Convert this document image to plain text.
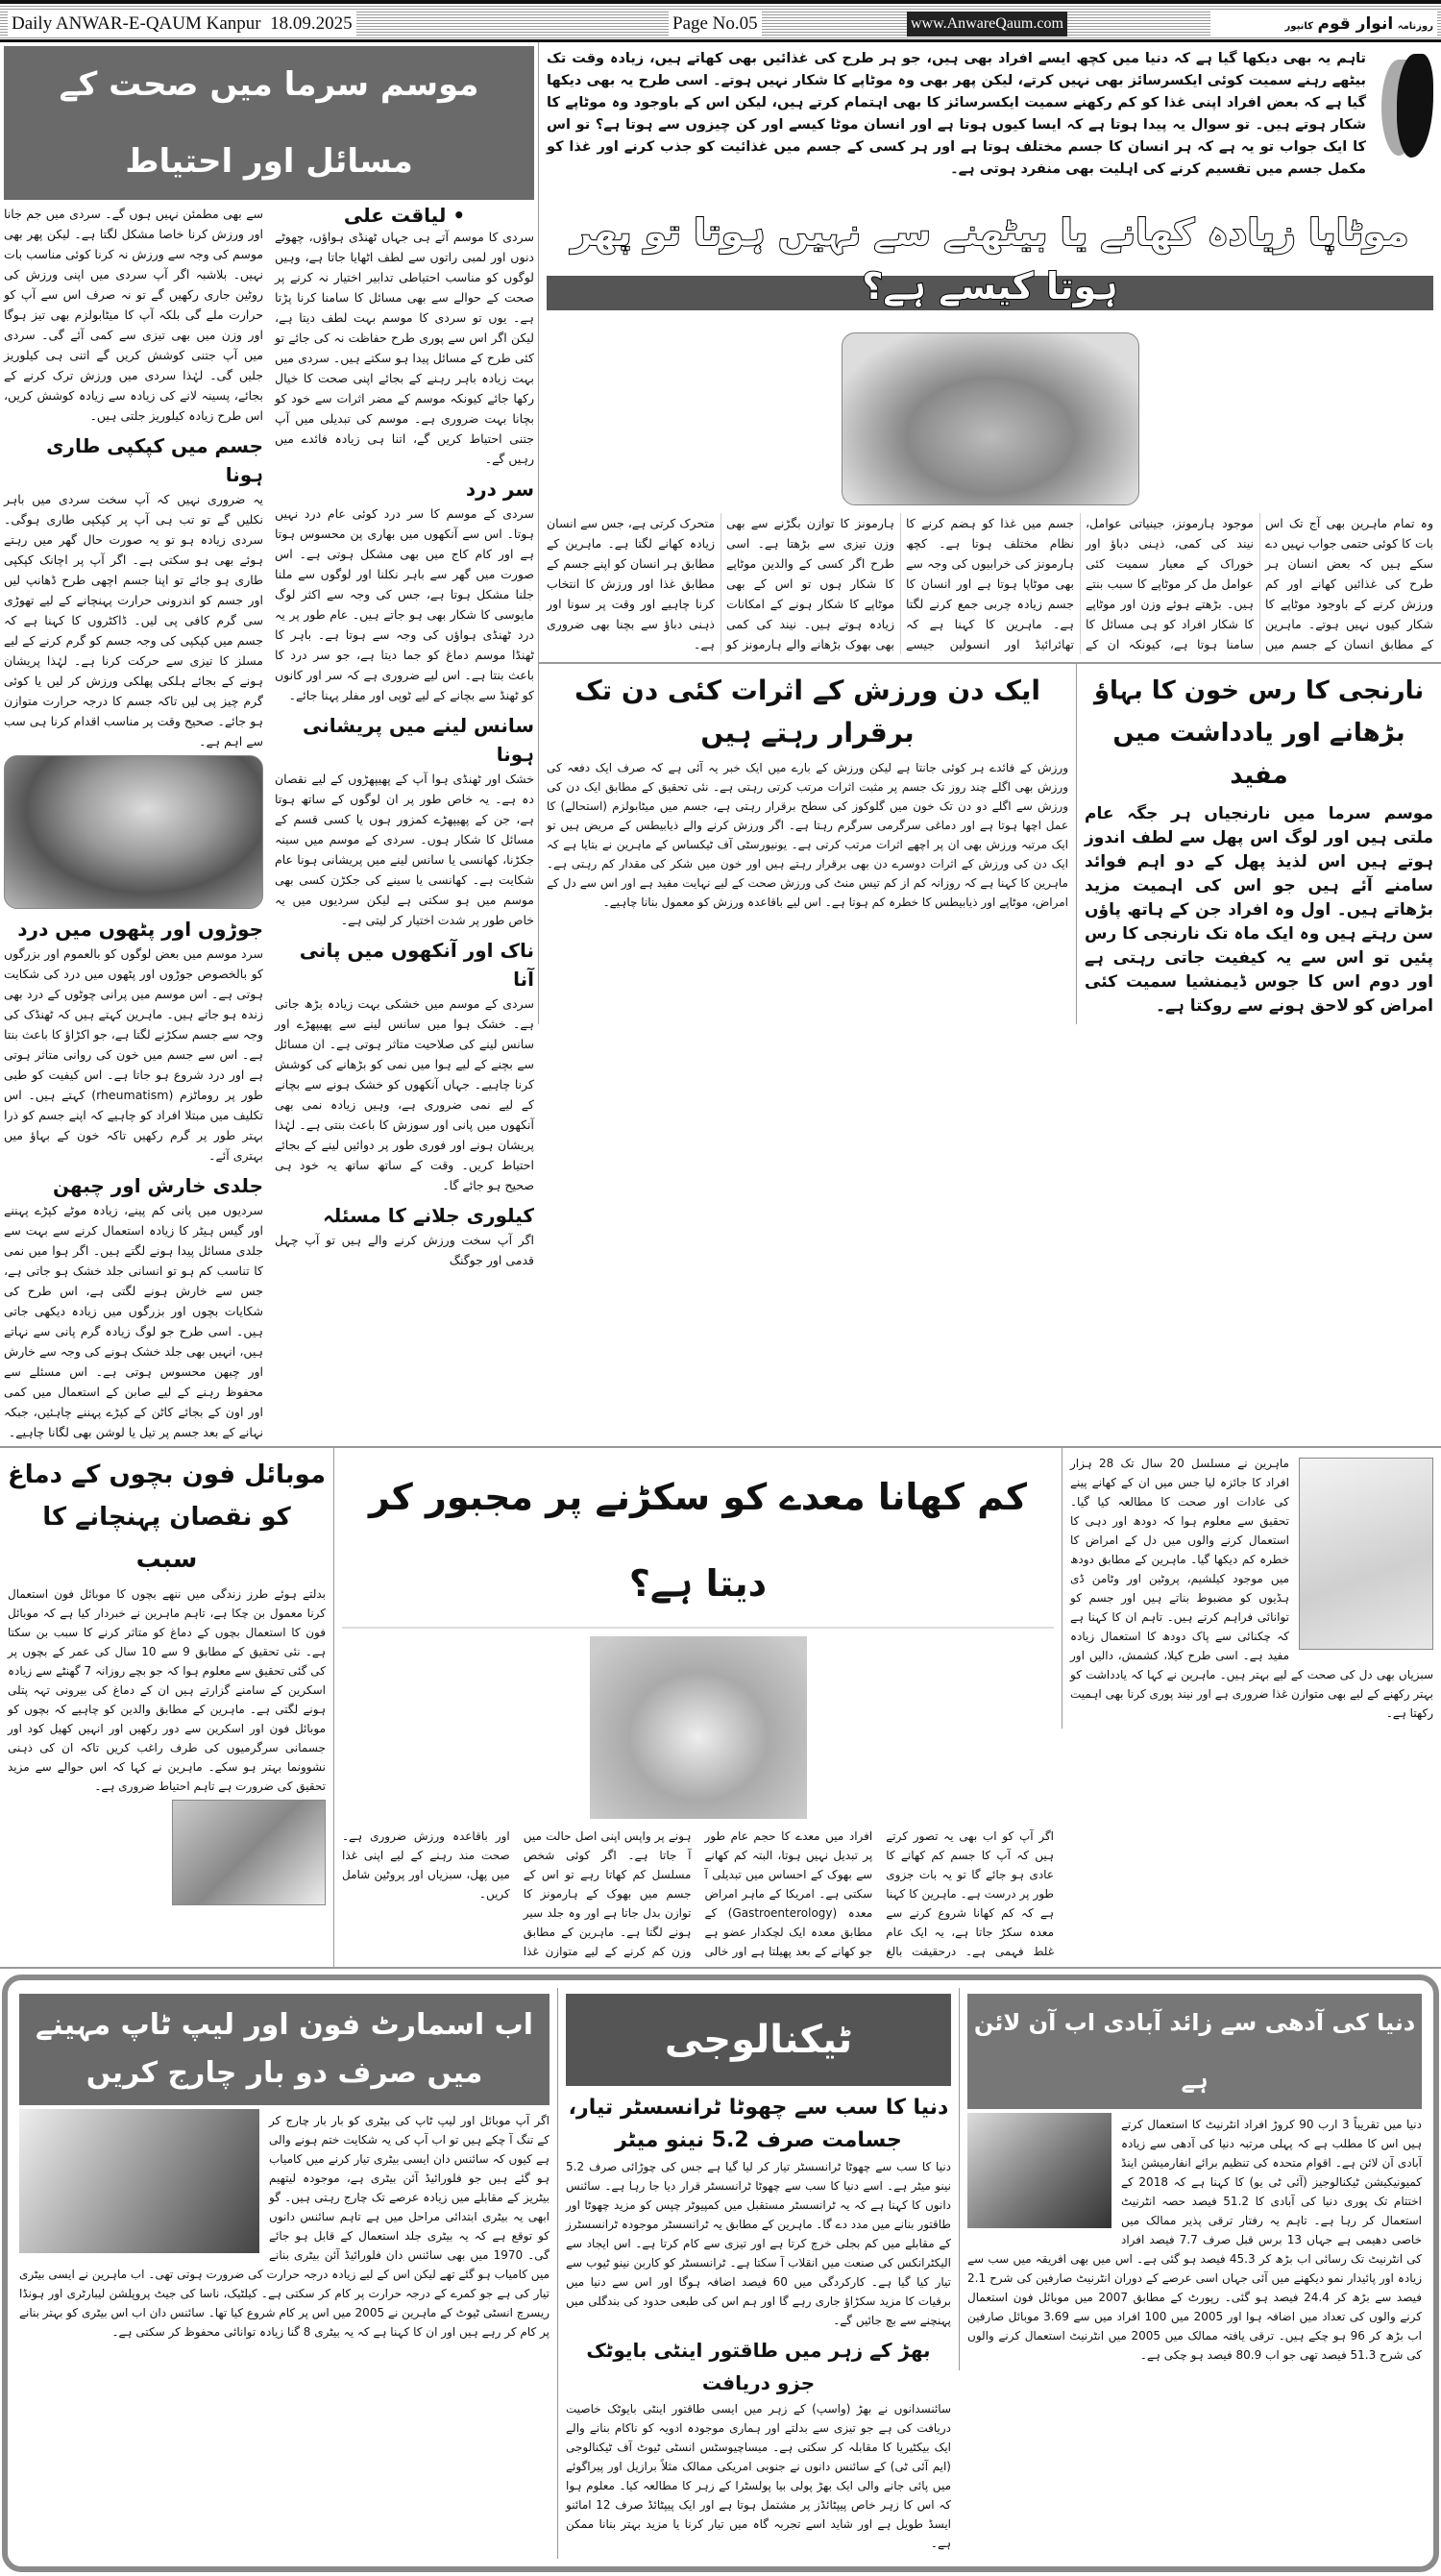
Daily ANWAR-E-QAUM Kanpur 18.09.2025	Page No.05	www.AnwareQaum.com	روزنامہ انوار قوم کانپور
تاہم یہ بھی دیکھا گیا ہے کہ دنیا میں کچھ ایسے افراد بھی ہیں، جو ہر طرح کی غذائیں بھی کھاتے ہیں، زیادہ وقت تک بیٹھے رہنے سمیت کوئی ایکسرسائز بھی نہیں کرتے، لیکن پھر بھی وہ موٹاپے کا شکار نہیں ہوتے۔ اسی طرح یہ بھی دیکھا گیا ہے کہ بعض افراد اپنی غذا کو کم رکھنے سمیت ایکسرسائز کا بھی اہتمام کرتے ہیں، لیکن اس کے باوجود وہ موٹاپے کا شکار ہوتے ہیں۔ تو سوال یہ پیدا ہوتا ہے کہ ایسا کیوں ہوتا ہے اور انسان موٹا کیسے اور کن چیزوں سے ہوتا ہے؟ تو اس کا ایک جواب تو یہ ہے کہ ہر انسان کا جسم مختلف ہوتا ہے اور ہر کسی کے جسم میں غذائیت کو جذب کرنے اور غذا کو مکمل جسم میں تقسیم کرنے کی اہلیت بھی منفرد ہوتی ہے۔
موٹاپا زیادہ کھانے یا بیٹھنے سے نہیں ہوتا تو پھر ہوتا کیسے ہے؟
وہ تمام ماہرین بھی آج تک اس بات کا کوئی حتمی جواب نہیں دے سکے ہیں کہ بعض انسان ہر طرح کی غذائیں کھانے اور کم ورزش کرنے کے باوجود موٹاپے کا شکار کیوں نہیں ہوتے۔ ماہرین کے مطابق انسان کے جسم میں موجود ہارمونز، جینیاتی عوامل، نیند کی کمی، ذہنی دباؤ اور خوراک کے معیار سمیت کئی عوامل مل کر موٹاپے کا سبب بنتے ہیں۔ بڑھتے ہوئے وزن اور موٹاپے کا شکار افراد کو ہی مسائل کا سامنا ہوتا ہے، کیونکہ ان کے جسم میں غذا کو ہضم کرنے کا نظام مختلف ہوتا ہے۔ کچھ ہارمونز کی خرابیوں کی وجہ سے بھی موٹاپا ہوتا ہے اور انسان کا جسم زیادہ چربی جمع کرنے لگتا ہے۔ ماہرین کا کہنا ہے کہ تھائرائیڈ اور انسولین جیسے ہارمونز کا توازن بگڑنے سے بھی وزن تیزی سے بڑھتا ہے۔ اسی طرح اگر کسی کے والدین موٹاپے کا شکار ہوں تو اس کے بھی موٹاپے کا شکار ہونے کے امکانات زیادہ ہوتے ہیں۔ نیند کی کمی بھی بھوک بڑھانے والے ہارمونز کو متحرک کرتی ہے، جس سے انسان زیادہ کھانے لگتا ہے۔ ماہرین کے مطابق ہر انسان کو اپنے جسم کے مطابق غذا اور ورزش کا انتخاب کرنا چاہیے اور وقت پر سونا اور ذہنی دباؤ سے بچنا بھی ضروری ہے۔
نارنجی کا رس خون کا بہاؤ بڑھانے اور یادداشت میں مفید
موسم سرما میں نارنجیاں ہر جگہ عام ملتی ہیں اور لوگ اس پھل سے لطف اندوز ہوتے ہیں اس لذیذ پھل کے دو اہم فوائد سامنے آئے ہیں جو اس کی اہمیت مزید بڑھاتے ہیں۔ اول وہ افراد جن کے ہاتھ پاؤں سن رہتے ہیں وہ ایک ماہ تک نارنجی کا رس پئیں تو اس سے یہ کیفیت جاتی رہتی ہے اور دوم اس کا جوس ڈیمنشیا سمیت کئی امراض کو لاحق ہونے سے روکتا ہے۔
ایک دن ورزش کے اثرات کئی دن تک برقرار رہتے ہیں
ورزش کے فائدے ہر کوئی جانتا ہے لیکن ورزش کے بارے میں ایک خبر یہ آئی ہے کہ صرف ایک دفعہ کی ورزش بھی اگلے چند روز تک جسم پر مثبت اثرات مرتب کرتی رہتی ہے۔ نئی تحقیق کے مطابق ایک دن کی ورزش سے اگلے دو دن تک خون میں گلوکوز کی سطح برقرار رہتی ہے، جسم میں میٹابولزم (استحالے) کا عمل اچھا ہوتا ہے اور دماغی سرگرمی سرگرم رہتا ہے۔ اگر ورزش کرنے والے ذیابیطس کے مریض ہیں تو ایک مرتبہ ورزش بھی ان پر اچھے اثرات مرتب کرتی ہے۔ یونیورسٹی آف ٹیکساس کے ماہرین نے بتایا ہے کہ ایک دن کی ورزش کے اثرات دوسرے دن بھی برقرار رہتے ہیں اور خون میں شکر کی مقدار کم رہتی ہے۔ ماہرین کا کہنا ہے کہ روزانہ کم از کم تیس منٹ کی ورزش صحت کے لیے نہایت مفید ہے اور اس سے دل کے امراض، موٹاپے اور ذیابیطس کا خطرہ کم ہوتا ہے۔ اس لیے باقاعدہ ورزش کو معمول بنانا چاہیے۔
موسم سرما میں صحت کے مسائل اور احتیاط
• لیاقت علی
سردی کا موسم آتے ہی جہاں ٹھنڈی ہواؤں، چھوٹے دنوں اور لمبی راتوں سے لطف اٹھایا جاتا ہے، وہیں لوگوں کو مناسب احتیاطی تدابیر اختیار نہ کرنے پر صحت کے حوالے سے بھی مسائل کا سامنا کرنا پڑتا ہے۔ یوں تو سردی کا موسم بہت لطف دیتا ہے، لیکن اگر اس سے پوری طرح حفاظت نہ کی جائے تو کئی طرح کے مسائل پیدا ہو سکتے ہیں۔ سردی میں بہت زیادہ باہر رہنے کے بجائے اپنی صحت کا خیال رکھا جائے کیونکہ موسم کے مضر اثرات سے خود کو بچانا بہت ضروری ہے۔ موسم کی تبدیلی میں آپ جتنی احتیاط کریں گے، اتنا ہی زیادہ فائدے میں رہیں گے۔
سر درد
سردی کے موسم کا سر درد کوئی عام درد نہیں ہوتا۔ اس سے آنکھوں میں بھاری پن محسوس ہوتا ہے اور کام کاج میں بھی مشکل ہوتی ہے۔ اس صورت میں گھر سے باہر نکلنا اور لوگوں سے ملنا جلنا مشکل ہوتا ہے، جس کی وجہ سے اکثر لوگ مایوسی کا شکار بھی ہو جاتے ہیں۔ عام طور پر یہ درد ٹھنڈی ہواؤں کی وجہ سے ہوتا ہے۔ باہر کا ٹھنڈا موسم دماغ کو جما دیتا ہے، جو سر درد کا باعث بنتا ہے۔ اس لیے ضروری ہے کہ سر اور کانوں کو ٹھنڈ سے بچانے کے لیے ٹوپی اور مفلر پہنا جائے۔
سانس لینے میں پریشانی ہونا
خشک اور ٹھنڈی ہوا آپ کے پھیپھڑوں کے لیے نقصان دہ ہے۔ یہ خاص طور پر ان لوگوں کے ساتھ ہوتا ہے، جن کے پھیپھڑے کمزور ہوں یا کسی قسم کے مسائل کا شکار ہوں۔ سردی کے موسم میں سینہ جکڑنا، کھانسی یا سانس لینے میں پریشانی ہونا عام شکایت ہے۔ کھانسی یا سینے کی جکڑن کسی بھی موسم میں ہو سکتی ہے لیکن سردیوں میں یہ خاص طور پر شدت اختیار کر لیتی ہے۔
ناک اور آنکھوں میں پانی آنا
سردی کے موسم میں خشکی بہت زیادہ بڑھ جاتی ہے۔ خشک ہوا میں سانس لینے سے پھیپھڑے اور سانس لینے کی صلاحیت متاثر ہوتی ہے۔ ان مسائل سے بچنے کے لیے ہوا میں نمی کو بڑھانے کی کوشش کرنا چاہیے۔ جہاں آنکھوں کو خشک ہونے سے بچانے کے لیے نمی ضروری ہے، وہیں زیادہ نمی بھی آنکھوں میں پانی اور سوزش کا باعث بنتی ہے۔ لہٰذا پریشان ہونے اور فوری طور پر دوائیں لینے کے بجائے احتیاط کریں۔ وقت کے ساتھ ساتھ یہ خود ہی صحیح ہو جائے گا۔
کیلوری جلانے کا مسئلہ
اگر آپ سخت ورزش کرنے والے ہیں تو آپ چہل قدمی اور جوگنگ
سے بھی مطمئن نہیں ہوں گے۔ سردی میں جم جانا اور ورزش کرنا خاصا مشکل لگتا ہے۔ لیکن پھر بھی موسم کی وجہ سے ورزش نہ کرنا کوئی مناسب بات نہیں۔ بلاشبہ اگر آپ سردی میں اپنی ورزش کی روٹین جاری رکھیں گے تو نہ صرف اس سے آپ کو حرارت ملے گی بلکہ آپ کا میٹابولزم بھی تیز ہوگا اور وزن میں بھی تیزی سے کمی آئے گی۔ سردی میں آپ جتنی کوشش کریں گے اتنی ہی کیلوریز جلیں گی۔ لہٰذا سردی میں ورزش ترک کرنے کے بجائے، پسینہ لانے کی زیادہ سے زیادہ کوشش کریں، اس طرح زیادہ کیلوریز جلتی ہیں۔
جسم میں کپکپی طاری ہونا
یہ ضروری نہیں کہ آپ سخت سردی میں باہر نکلیں گے تو تب ہی آپ پر کپکپی طاری ہوگی۔ سردی زیادہ ہو تو یہ صورت حال گھر میں رہتے ہوئے بھی ہو سکتی ہے۔ اگر آپ پر اچانک کپکپی طاری ہو جائے تو اپنا جسم اچھی طرح ڈھانپ لیں اور جسم کو اندرونی حرارت پہنچانے کے لیے تھوڑی سی گرم کافی پی لیں۔ ڈاکٹروں کا کہنا ہے کہ جسم میں کپکپی کی وجہ جسم کو گرم کرنے کے لیے مسلز کا تیزی سے حرکت کرنا ہے۔ لہٰذا پریشان ہونے کے بجائے ہلکی پھلکی ورزش کر لیں یا کوئی گرم چیز پی لیں تاکہ جسم کا درجہ حرارت متوازن ہو جائے۔ صحیح وقت پر مناسب اقدام کرنا ہی سب سے اہم ہے۔
جوڑوں اور پٹھوں میں درد
سرد موسم میں بعض لوگوں کو بالعموم اور بزرگوں کو بالخصوص جوڑوں اور پٹھوں میں درد کی شکایت ہوتی ہے۔ اس موسم میں پرانی چوٹوں کے درد بھی زندہ ہو جاتے ہیں۔ ماہرین کہتے ہیں کہ ٹھنڈک کی وجہ سے جسم سکڑنے لگتا ہے، جو اکڑاؤ کا باعث بنتا ہے۔ اس سے جسم میں خون کی روانی متاثر ہوتی ہے اور درد شروع ہو جاتا ہے۔ اس کیفیت کو طبی طور پر روماٹزم (rheumatism) کہتے ہیں۔ اس تکلیف میں مبتلا افراد کو چاہیے کہ اپنے جسم کو ذرا بہتر طور پر گرم رکھیں تاکہ خون کے بہاؤ میں بہتری آئے۔
جلدی خارش اور چبھن
سردیوں میں پانی کم پینے، زیادہ موٹے کپڑے پہننے اور گیس ہیٹر کا زیادہ استعمال کرنے سے بہت سے جلدی مسائل پیدا ہونے لگتے ہیں۔ اگر ہوا میں نمی کا تناسب کم ہو تو انسانی جلد خشک ہو جاتی ہے، جس سے خارش ہونے لگتی ہے، اس طرح کی شکایات بچوں اور بزرگوں میں زیادہ دیکھی جاتی ہیں۔ اسی طرح جو لوگ زیادہ گرم پانی سے نہاتے ہیں، انہیں بھی جلد خشک ہونے کی وجہ سے خارش اور چبھن محسوس ہوتی ہے۔ اس مسئلے سے محفوظ رہنے کے لیے صابن کے استعمال میں کمی اور اون کے بجائے کاٹن کے کپڑے پہننے چاہئیں، جبکہ نہانے کے بعد جسم پر تیل یا لوشن بھی لگانا چاہیے۔
ماہرین نے مسلسل 20 سال تک 28 ہزار افراد کا جائزہ لیا جس میں ان کے کھانے پینے کی عادات اور صحت کا مطالعہ کیا گیا۔ تحقیق سے معلوم ہوا کہ دودھ اور دہی کا استعمال کرنے والوں میں دل کے امراض کا خطرہ کم دیکھا گیا۔ ماہرین کے مطابق دودھ میں موجود کیلشیم، پروٹین اور وٹامن ڈی ہڈیوں کو مضبوط بناتے ہیں اور جسم کو توانائی فراہم کرتے ہیں۔ تاہم ان کا کہنا ہے کہ چکنائی سے پاک دودھ کا استعمال زیادہ مفید ہے۔ اسی طرح کیلا، کشمش، دالیں اور سبزیاں بھی دل کی صحت کے لیے بہتر ہیں۔ ماہرین نے کہا کہ یادداشت کو بہتر رکھنے کے لیے بھی متوازن غذا ضروری ہے اور نیند پوری کرنا بھی اہمیت رکھتا ہے۔
کم کھانا معدے کو سکڑنے پر مجبور کر دیتا ہے؟
اگر آپ کو اب بھی یہ تصور کرتے ہیں کہ آپ کا جسم کم کھانے کا عادی ہو جائے گا تو یہ بات جزوی طور پر درست ہے۔ ماہرین کا کہنا ہے کہ کم کھانا شروع کرنے سے معدہ سکڑ جاتا ہے، یہ ایک عام غلط فہمی ہے۔ درحقیقت بالغ افراد میں معدے کا حجم عام طور پر تبدیل نہیں ہوتا، البتہ کم کھانے سے بھوک کے احساس میں تبدیلی آ سکتی ہے۔ امریکا کے ماہر امراض معدہ (Gastroenterology) کے مطابق معدہ ایک لچکدار عضو ہے جو کھانے کے بعد پھیلتا ہے اور خالی ہونے پر واپس اپنی اصل حالت میں آ جاتا ہے۔ اگر کوئی شخص مسلسل کم کھاتا رہے تو اس کے جسم میں بھوک کے ہارمونز کا توازن بدل جاتا ہے اور وہ جلد سیر ہونے لگتا ہے۔ ماہرین کے مطابق وزن کم کرنے کے لیے متوازن غذا اور باقاعدہ ورزش ضروری ہے۔ صحت مند رہنے کے لیے اپنی غذا میں پھل، سبزیاں اور پروٹین شامل کریں۔
موبائل فون بچوں کے دماغ کو نقصان پہنچانے کا سبب
بدلتے ہوئے طرز زندگی میں ننھے بچوں کا موبائل فون استعمال کرنا معمول بن چکا ہے، تاہم ماہرین نے خبردار کیا ہے کہ موبائل فون کا استعمال بچوں کے دماغ کو متاثر کرنے کا سبب بن سکتا ہے۔ نئی تحقیق کے مطابق 9 سے 10 سال کی عمر کے بچوں پر کی گئی تحقیق سے معلوم ہوا کہ جو بچے روزانہ 7 گھنٹے سے زیادہ اسکرین کے سامنے گزارتے ہیں ان کے دماغ کی بیرونی تہہ پتلی ہونے لگتی ہے۔ ماہرین کے مطابق والدین کو چاہیے کہ بچوں کو موبائل فون اور اسکرین سے دور رکھیں اور انہیں کھیل کود اور جسمانی سرگرمیوں کی طرف راغب کریں تاکہ ان کی ذہنی نشوونما بہتر ہو سکے۔ ماہرین نے کہا کہ اس حوالے سے مزید تحقیق کی ضرورت ہے تاہم احتیاط ضروری ہے۔
دنیا کی آدھی سے زائد آبادی اب آن لائن ہے
دنیا میں تقریباً 3 ارب 90 کروڑ افراد انٹرنیٹ کا استعمال کرتے ہیں اس کا مطلب ہے کہ پہلی مرتبہ دنیا کی آدھی سے زیادہ آبادی آن لائن ہے۔ اقوام متحدہ کی تنظیم برائے انفارمیشن اینڈ کمیونیکیشن ٹیکنالوجیز (آئی ٹی یو) کا کہنا ہے کہ 2018 کے اختتام تک پوری دنیا کی آبادی کا 51.2 فیصد حصہ انٹرنیٹ استعمال کر رہا ہے۔ تاہم یہ رفتار ترقی پذیر ممالک میں خاصی دھیمی ہے جہاں 13 برس قبل صرف 7.7 فیصد افراد کی انٹرنیٹ تک رسائی اب بڑھ کر 45.3 فیصد ہو گئی ہے۔ اس میں بھی افریقہ میں سب سے زیادہ اور پائیدار نمو دیکھنے میں آئی جہاں اسی عرصے کے دوران انٹرنیٹ صارفین کی شرح 2.1 فیصد سے بڑھ کر 24.4 فیصد ہو گئی۔ رپورٹ کے مطابق 2007 میں موبائل فون استعمال کرنے والوں کی تعداد میں اضافہ ہوا اور 2005 میں 100 افراد میں سے 3.69 موبائل صارفین اب بڑھ کر 96 ہو چکے ہیں۔ ترقی یافتہ ممالک میں 2005 میں انٹرنیٹ استعمال کرنے والوں کی شرح 51.3 فیصد تھی جو اب 80.9 فیصد ہو چکی ہے۔
ٹیکنالوجی
دنیا کا سب سے چھوٹا ٹرانسسٹر تیار، جسامت صرف 5.2 نینو میٹر
دنیا کا سب سے چھوٹا ٹرانسسٹر تیار کر لیا گیا ہے جس کی چوڑائی صرف 5.2 نینو میٹر ہے۔ اسے دنیا کا سب سے چھوٹا ٹرانسسٹر قرار دیا جا رہا ہے۔ سائنس دانوں کا کہنا ہے کہ یہ ٹرانسسٹر مستقبل میں کمپیوٹر چپس کو مزید چھوٹا اور طاقتور بنانے میں مدد دے گا۔ ماہرین کے مطابق یہ ٹرانسسٹر موجودہ ٹرانسسٹرز کے مقابلے میں کم بجلی خرچ کرتا ہے اور تیزی سے کام کرتا ہے۔ اس ایجاد سے الیکٹرانکس کی صنعت میں انقلاب آ سکتا ہے۔ ٹرانسسٹر کو کاربن نینو ٹیوب سے تیار کیا گیا ہے۔ کارکردگی میں 60 فیصد اضافہ ہوگا اور اس سے دنیا میں برقیات کا مزید سکڑاؤ جاری رہے گا اور ہم اس کی طبعی حدود کی بندگلی میں پہنچنے سے بچ جائیں گے۔
بھڑ کے زہر میں طاقتور اینٹی بایوٹک جزو دریافت
سائنسدانوں نے بھڑ (واسپ) کے زہر میں ایسی طاقتور اینٹی بایوٹک خاصیت دریافت کی ہے جو تیزی سے بدلتے اور ہماری موجودہ ادویہ کو ناکام بنانے والے ایک بیکٹیریا کا مقابلہ کر سکتی ہے۔ میساچیوسٹس انسٹی ٹیوٹ آف ٹیکنالوجی (ایم آئی ٹی) کے سائنس دانوں نے جنوبی امریکی ممالک مثلاً برازیل اور پیراگوئے میں پائی جانے والی ایک بھڑ پولی بیا پولسٹرا کے زہر کا مطالعہ کیا۔ معلوم ہوا کہ اس کا زہر خاص پیپٹائڈز پر مشتمل ہوتا ہے اور ایک پیپٹائڈ صرف 12 امائنو ایسڈ طویل ہے اور شاید اسے تجربہ گاہ میں تیار کرنا یا مزید بہتر بنانا ممکن ہے۔
اب اسمارٹ فون اور لیپ ٹاپ مہینے میں صرف دو بار چارج کریں
اگر آپ موبائل اور لیپ ٹاپ کی بیٹری کو بار بار چارج کر کے تنگ آ چکے ہیں تو اب آپ کی یہ شکایت ختم ہونے والی ہے کیوں کہ سائنس دان ایسی بیٹری تیار کرنے میں کامیاب ہو گئے ہیں جو فلورائیڈ آئن بیٹری ہے، موجودہ لیتھیم بیٹریز کے مقابلے میں زیادہ عرصے تک چارج رہتی ہیں۔ گو ابھی یہ بیٹری ابتدائی مراحل میں ہے تاہم سائنس دانوں کو توقع ہے کہ یہ بیٹری جلد استعمال کے قابل ہو جائے گی۔ 1970 میں بھی سائنس دان فلورائیڈ آئن بیٹری بنانے میں کامیاب ہو گئے تھے لیکن اس کے لیے زیادہ درجہ حرارت کی ضرورت ہوتی تھی۔ اب ماہرین نے ایسی بیٹری تیار کی ہے جو کمرے کے درجہ حرارت پر کام کر سکتی ہے۔ کیلٹیک، ناسا کی جیٹ پروپلشن لیبارٹری اور ہونڈا ریسرچ انسٹی ٹیوٹ کے ماہرین نے 2005 میں اس پر کام شروع کیا تھا۔ سائنس دان اب اس بیٹری کو بہتر بنانے پر کام کر رہے ہیں اور ان کا کہنا ہے کہ یہ بیٹری 8 گنا زیادہ توانائی محفوظ کر سکتی ہے۔
